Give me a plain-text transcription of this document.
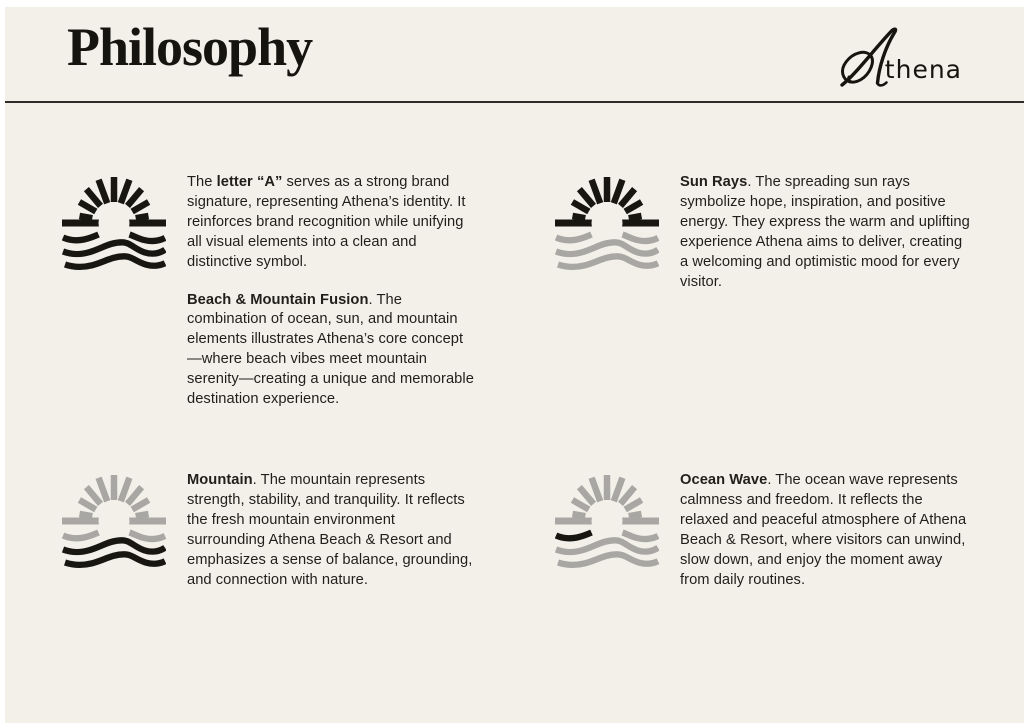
Philosophy	thena

The letter “A” serves as a strong brand signature, representing Athena’s identity. It reinforces brand recognition while unifying all visual elements into a clean and distinctive symbol.

Beach & Mountain Fusion. The combination of ocean, sun, and mountain elements illustrates Athena’s core concept—where beach vibes meet mountain serenity—creating a unique and memorable destination experience.

Sun Rays. The spreading sun rays symbolize hope, inspiration, and positive energy. They express the warm and uplifting experience Athena aims to deliver, creating a welcoming and optimistic mood for every visitor.

Mountain. The mountain represents strength, stability, and tranquility. It reflects the fresh mountain environment surrounding Athena Beach & Resort and emphasizes a sense of balance, grounding, and connection with nature.

Ocean Wave. The ocean wave represents calmness and freedom. It reflects the relaxed and peaceful atmosphere of Athena Beach & Resort, where visitors can unwind, slow down, and enjoy the moment away from daily routines.
